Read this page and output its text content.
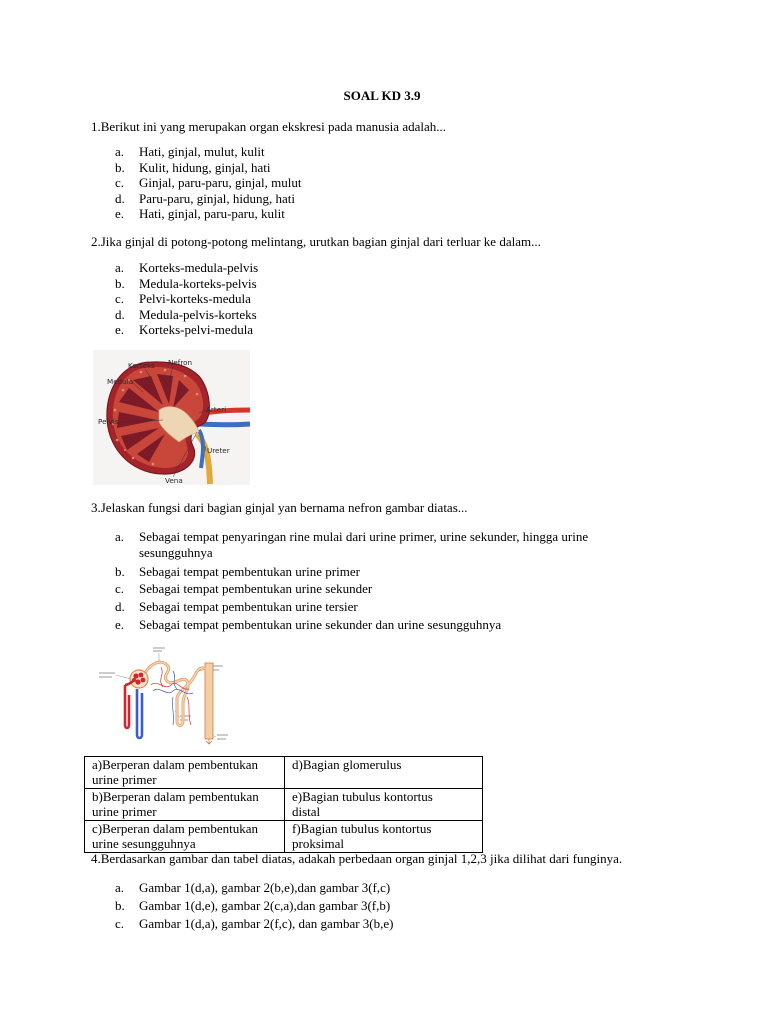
SOAL KD 3.9
1.Berikut ini yang merupakan organ ekskresi pada manusia adalah...
a. Hati, ginjal, mulut, kulit
b. Kulit, hidung, ginjal, hati
c. Ginjal, paru-paru, ginjal, mulut
d. Paru-paru, ginjal, hidung, hati
e. Hati, ginjal, paru-paru, kulit
2.Jika ginjal di potong-potong melintang, urutkan bagian ginjal dari terluar ke dalam...
a. Korteks-medula-pelvis
b. Medula-korteks-pelvis
c. Pelvi-korteks-medula
d. Medula-pelvis-korteks
e. Korteks-pelvi-medula
Korteks Nefron
Medula
Pelvis
Arteri
Ureter
Vena
3.Jelaskan fungsi dari bagian ginjal yan bernama nefron gambar diatas...
a. Sebagai tempat penyaringan rine mulai dari urine primer, urine sekunder, hingga urine
sesungguhnya
b. Sebagai tempat pembentukan urine primer
c. Sebagai tempat pembentukan urine sekunder
d. Sebagai tempat pembentukan urine tersier
e. Sebagai tempat pembentukan urine sekunder dan urine sesungguhnya
a)Berperan dalam pembentukan
urine primer
d)Bagian glomerulus
b)Berperan dalam pembentukan
urine primer
e)Bagian tubulus kontortus
distal
c)Berperan dalam pembentukan
urine sesungguhnya
f)Bagian tubulus kontortus
proksimal
4.Berdasarkan gambar dan tabel diatas, adakah perbedaan organ ginjal 1,2,3 jika dilihat dari funginya.
a. Gambar 1(d,a), gambar 2(b,e),dan gambar 3(f,c)
b. Gambar 1(d,e), gambar 2(c,a),dan gambar 3(f,b)
c. Gambar 1(d,a), gambar 2(f,c), dan gambar 3(b,e)
